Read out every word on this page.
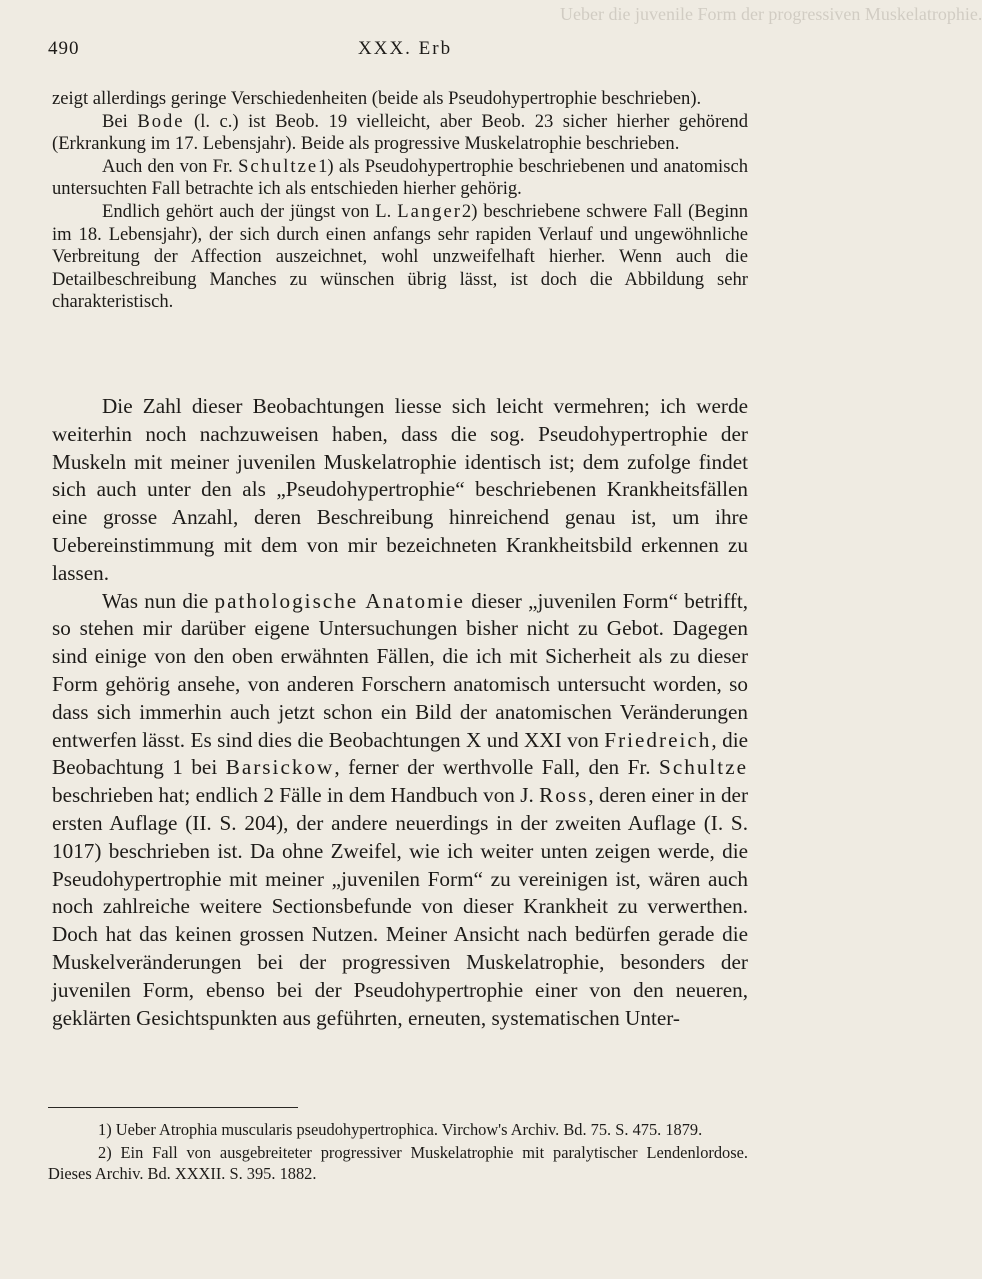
Ueber die juvenile Form der progressiven Muskelatrophie.
490	XXX. Erb

zeigt allerdings geringe Verschiedenheiten (beide als Pseudohypertrophie beschrieben).

Bei Bode (l. c.) ist Beob. 19 vielleicht, aber Beob. 23 sicher hierher gehörend (Erkrankung im 17. Lebensjahr). Beide als progressive Muskelatrophie beschrieben.

Auch den von Fr. Schultze1) als Pseudohypertrophie beschriebenen und anatomisch untersuchten Fall betrachte ich als entschieden hierher gehörig.

Endlich gehört auch der jüngst von L. Langer2) beschriebene schwere Fall (Beginn im 18. Lebensjahr), der sich durch einen anfangs sehr rapiden Verlauf und ungewöhnliche Verbreitung der Affection auszeichnet, wohl unzweifelhaft hierher. Wenn auch die Detailbeschreibung Manches zu wünschen übrig lässt, ist doch die Abbildung sehr charakteristisch.

Die Zahl dieser Beobachtungen liesse sich leicht vermehren; ich werde weiterhin noch nachzuweisen haben, dass die sog. Pseudohypertrophie der Muskeln mit meiner juvenilen Muskelatrophie identisch ist; dem zufolge findet sich auch unter den als „Pseudohypertrophie“ beschriebenen Krankheitsfällen eine grosse Anzahl, deren Beschreibung hinreichend genau ist, um ihre Uebereinstimmung mit dem von mir bezeichneten Krankheitsbild erkennen zu lassen.

Was nun die pathologische Anatomie dieser „juvenilen Form“ betrifft, so stehen mir darüber eigene Untersuchungen bisher nicht zu Gebot. Dagegen sind einige von den oben erwähnten Fällen, die ich mit Sicherheit als zu dieser Form gehörig ansehe, von anderen Forschern anatomisch untersucht worden, so dass sich immerhin auch jetzt schon ein Bild der anatomischen Veränderungen entwerfen lässt. Es sind dies die Beobachtungen X und XXI von Friedreich, die Beobachtung 1 bei Barsickow, ferner der werthvolle Fall, den Fr. Schultze beschrieben hat; endlich 2 Fälle in dem Handbuch von J. Ross, deren einer in der ersten Auflage (II. S. 204), der andere neuerdings in der zweiten Auflage (I. S. 1017) beschrieben ist. Da ohne Zweifel, wie ich weiter unten zeigen werde, die Pseudohypertrophie mit meiner „juvenilen Form“ zu vereinigen ist, wären auch noch zahlreiche weitere Sectionsbefunde von dieser Krankheit zu verwerthen. Doch hat das keinen grossen Nutzen. Meiner Ansicht nach bedürfen gerade die Muskelveränderungen bei der progressiven Muskelatrophie, besonders der juvenilen Form, ebenso bei der Pseudohypertrophie einer von den neueren, geklärten Gesichtspunkten aus geführten, erneuten, systematischen Unter-

1) Ueber Atrophia muscularis pseudohypertrophica. Virchow's Archiv. Bd. 75. S. 475. 1879.

2) Ein Fall von ausgebreiteter progressiver Muskelatrophie mit paralytischer Lendenlordose. Dieses Archiv. Bd. XXXII. S. 395. 1882.
